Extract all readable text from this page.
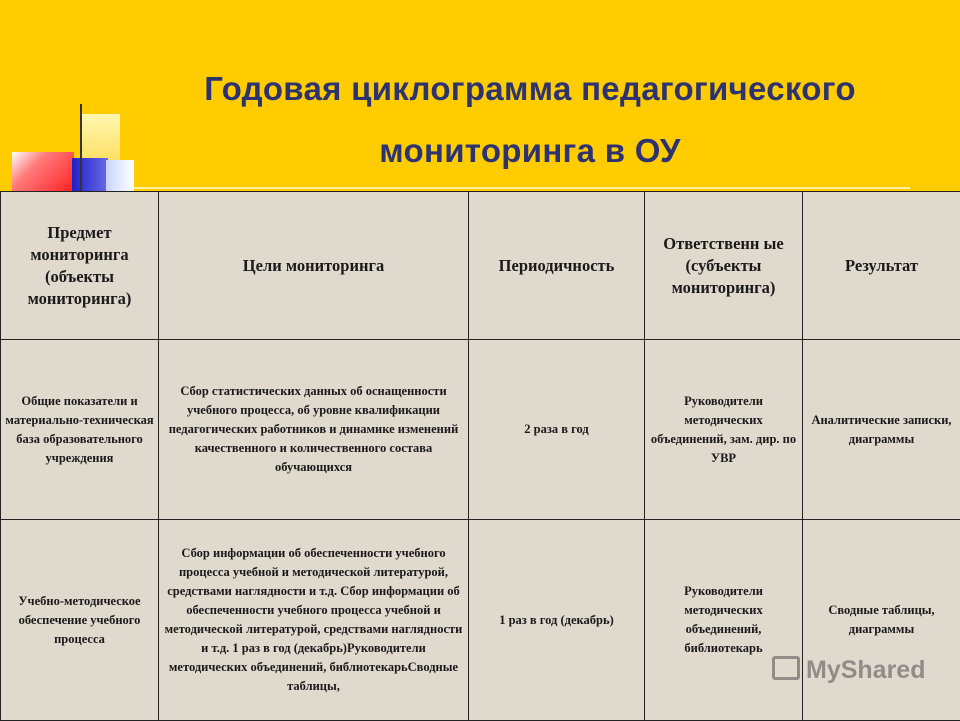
Годовая циклограмма педагогического
мониторинга в ОУ
Предмет мониторинга (объекты мониторинга)	Цели мониторинга	Периодичность	Ответственн ые (субъекты мониторинга)	Результат
Общие показатели и материально-техническая база образовательного учреждения	Сбор статистических данных об оснащенности учебного процесса, об уровне квалификации педагогических работников и динамике изменений качественного и количественного состава обучающихся	2 раза в год	Руководители методических объединений, зам. дир. по УВР	Аналитические записки, диаграммы
Учебно-методическое обеспечение учебного процесса	Сбор информации об обеспеченности учебного процесса учебной и методической литературой, средствами наглядности и т.д. Сбор информации об обеспеченности учебного процесса учебной и методической литературой, средствами наглядности и т.д. 1 раз в год (декабрь)Руководители методических объединений, библиотекарьСводные таблицы,	1 раз в год (декабрь)	Руководители методических объединений, библиотекарь	Сводные таблицы, диаграммы
MyShared
